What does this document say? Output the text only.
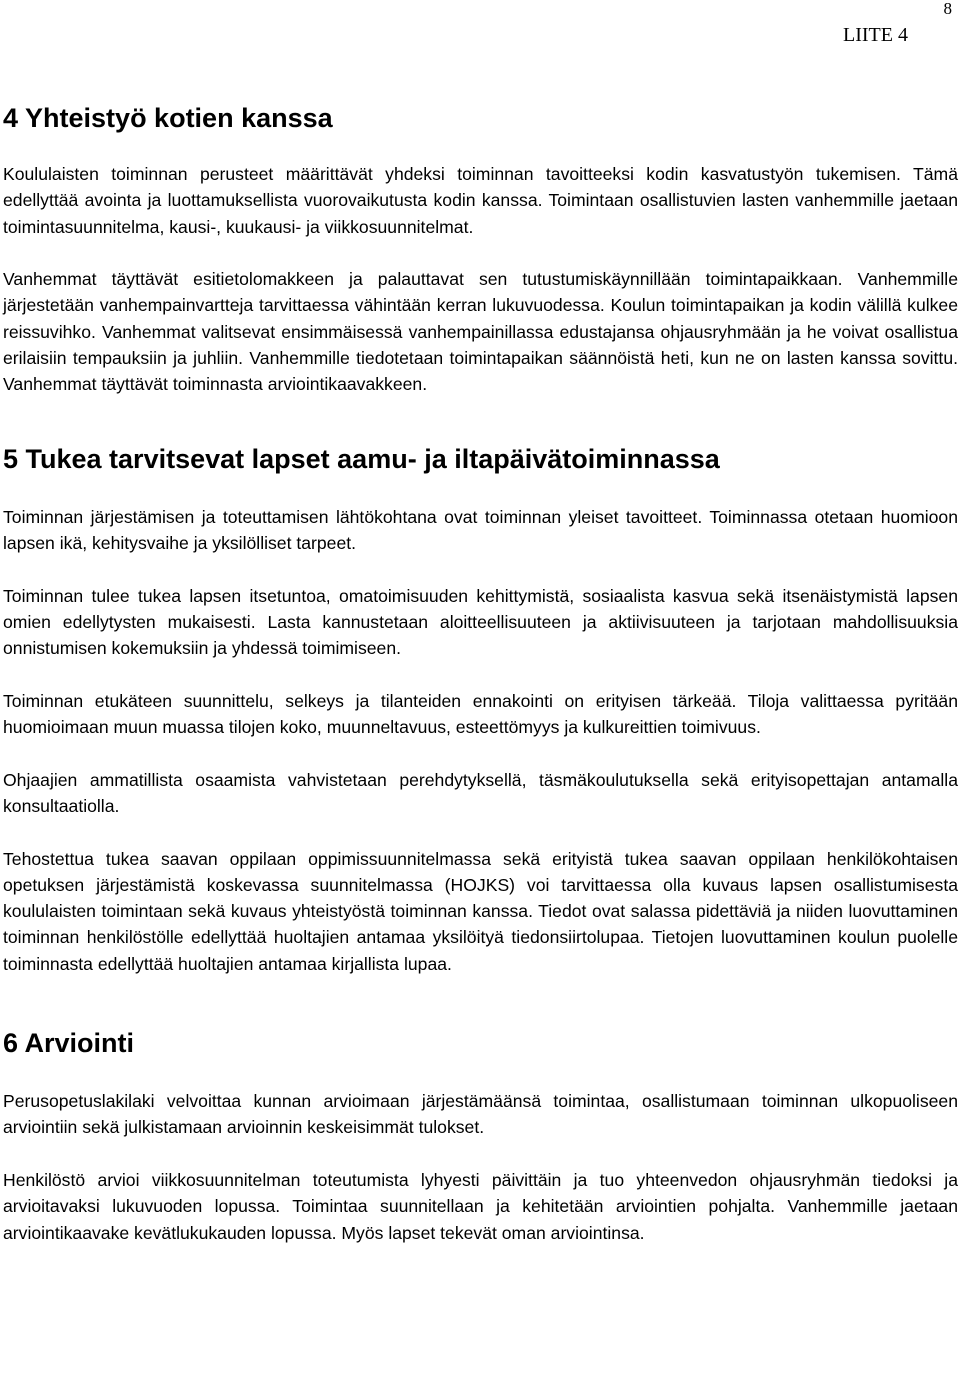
8
LIITE 4
4 Yhteistyö kotien kanssa

Koululaisten toiminnan perusteet määrittävät yhdeksi toiminnan tavoitteeksi kodin kasvatustyön tukemisen. Tämä edellyttää avointa ja luottamuksellista vuorovaikutusta kodin kanssa. Toimintaan osallistuvien lasten vanhemmille jaetaan toimintasuunnitelma, kausi-, kuukausi- ja viikkosuunnitelmat.

Vanhemmat täyttävät esitietolomakkeen ja palauttavat sen tutustumiskäynnillään toimintapaikkaan. Vanhemmille järjestetään vanhempainvartteja tarvittaessa vähintään kerran lukuvuodessa. Koulun toimintapaikan ja kodin välillä kulkee reissuvihko. Vanhemmat valitsevat ensimmäisessä vanhempainillassa edustajansa ohjausryhmään ja he voivat osallistua erilaisiin tempauksiin ja juhliin. Vanhemmille tiedotetaan toimintapaikan säännöistä heti, kun ne on lasten kanssa sovittu. Vanhemmat täyttävät toiminnasta arviointikaavakkeen.

5 Tukea tarvitsevat lapset aamu- ja iltapäivätoiminnassa

Toiminnan järjestämisen ja toteuttamisen lähtökohtana ovat toiminnan yleiset tavoitteet. Toiminnassa otetaan huomioon lapsen ikä, kehitysvaihe ja yksilölliset tarpeet.

Toiminnan tulee tukea lapsen itsetuntoa, omatoimisuuden kehittymistä, sosiaalista kasvua sekä itsenäistymistä lapsen omien edellytysten mukaisesti. Lasta kannustetaan aloitteellisuuteen ja aktiivisuuteen ja tarjotaan mahdollisuuksia onnistumisen kokemuksiin ja yhdessä toimimiseen.

Toiminnan etukäteen suunnittelu, selkeys ja tilanteiden ennakointi on erityisen tärkeää. Tiloja valittaessa pyritään huomioimaan muun muassa tilojen koko, muunneltavuus, esteettömyys ja kulkureittien toimivuus.

Ohjaajien ammatillista osaamista vahvistetaan perehdytyksellä, täsmäkoulutuksella sekä erityisopettajan antamalla konsultaatiolla.

Tehostettua tukea saavan oppilaan oppimissuunnitelmassa sekä erityistä tukea saavan oppilaan henkilökohtaisen opetuksen järjestämistä koskevassa suunnitelmassa (HOJKS) voi tarvittaessa olla kuvaus lapsen osallistumisesta koululaisten toimintaan sekä kuvaus yhteistyöstä toiminnan kanssa. Tiedot ovat salassa pidettäviä ja niiden luovuttaminen toiminnan henkilöstölle edellyttää huoltajien antamaa yksilöityä tiedonsiirtolupaa. Tietojen luovuttaminen koulun puolelle toiminnasta edellyttää huoltajien antamaa kirjallista lupaa.

6 Arviointi

Perusopetuslakilaki velvoittaa kunnan arvioimaan järjestämäänsä toimintaa, osallistumaan toiminnan ulkopuoliseen arviointiin sekä julkistamaan arvioinnin keskeisimmät tulokset.

Henkilöstö arvioi viikkosuunnitelman toteutumista lyhyesti päivittäin ja tuo yhteenvedon ohjausryhmän tiedoksi ja arvioitavaksi lukuvuoden lopussa. Toimintaa suunnitellaan ja kehitetään arviointien pohjalta. Vanhemmille jaetaan arviointikaavake kevätlukukauden lopussa. Myös lapset tekevät oman arviointinsa.
